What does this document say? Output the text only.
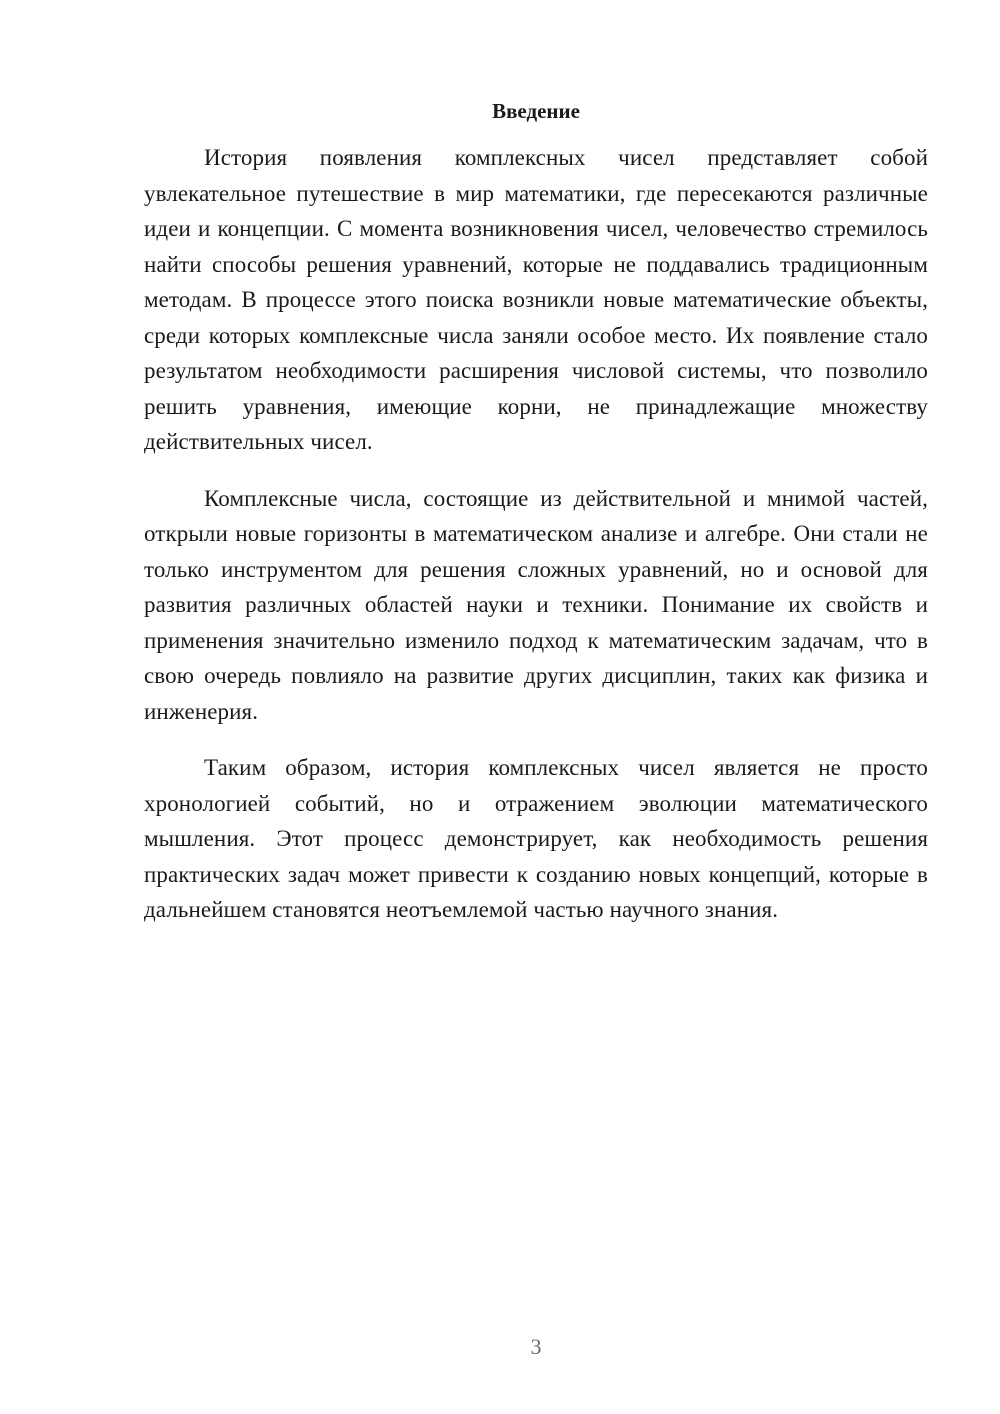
Введение

История появления комплексных чисел представляет собой увлекательное путешествие в мир математики, где пересекаются различные идеи и концепции. С момента возникновения чисел, человечество стремилось найти способы решения уравнений, которые не поддавались традиционным методам. В процессе этого поиска возникли новые математические объекты, среди которых комплексные числа заняли особое место. Их появление стало результатом необходимости расширения числовой системы, что позволило решить уравнения, имеющие корни, не принадлежащие множеству действительных чисел.

Комплексные числа, состоящие из действительной и мнимой частей, открыли новые горизонты в математическом анализе и алгебре. Они стали не только инструментом для решения сложных уравнений, но и основой для развития различных областей науки и техники. Понимание их свойств и применения значительно изменило подход к математическим задачам, что в свою очередь повлияло на развитие других дисциплин, таких как физика и инженерия.

Таким образом, история комплексных чисел является не просто хронологией событий, но и отражением эволюции математического мышления. Этот процесс демонстрирует, как необходимость решения практических задач может привести к созданию новых концепций, которые в дальнейшем становятся неотъемлемой частью научного знания.

3
